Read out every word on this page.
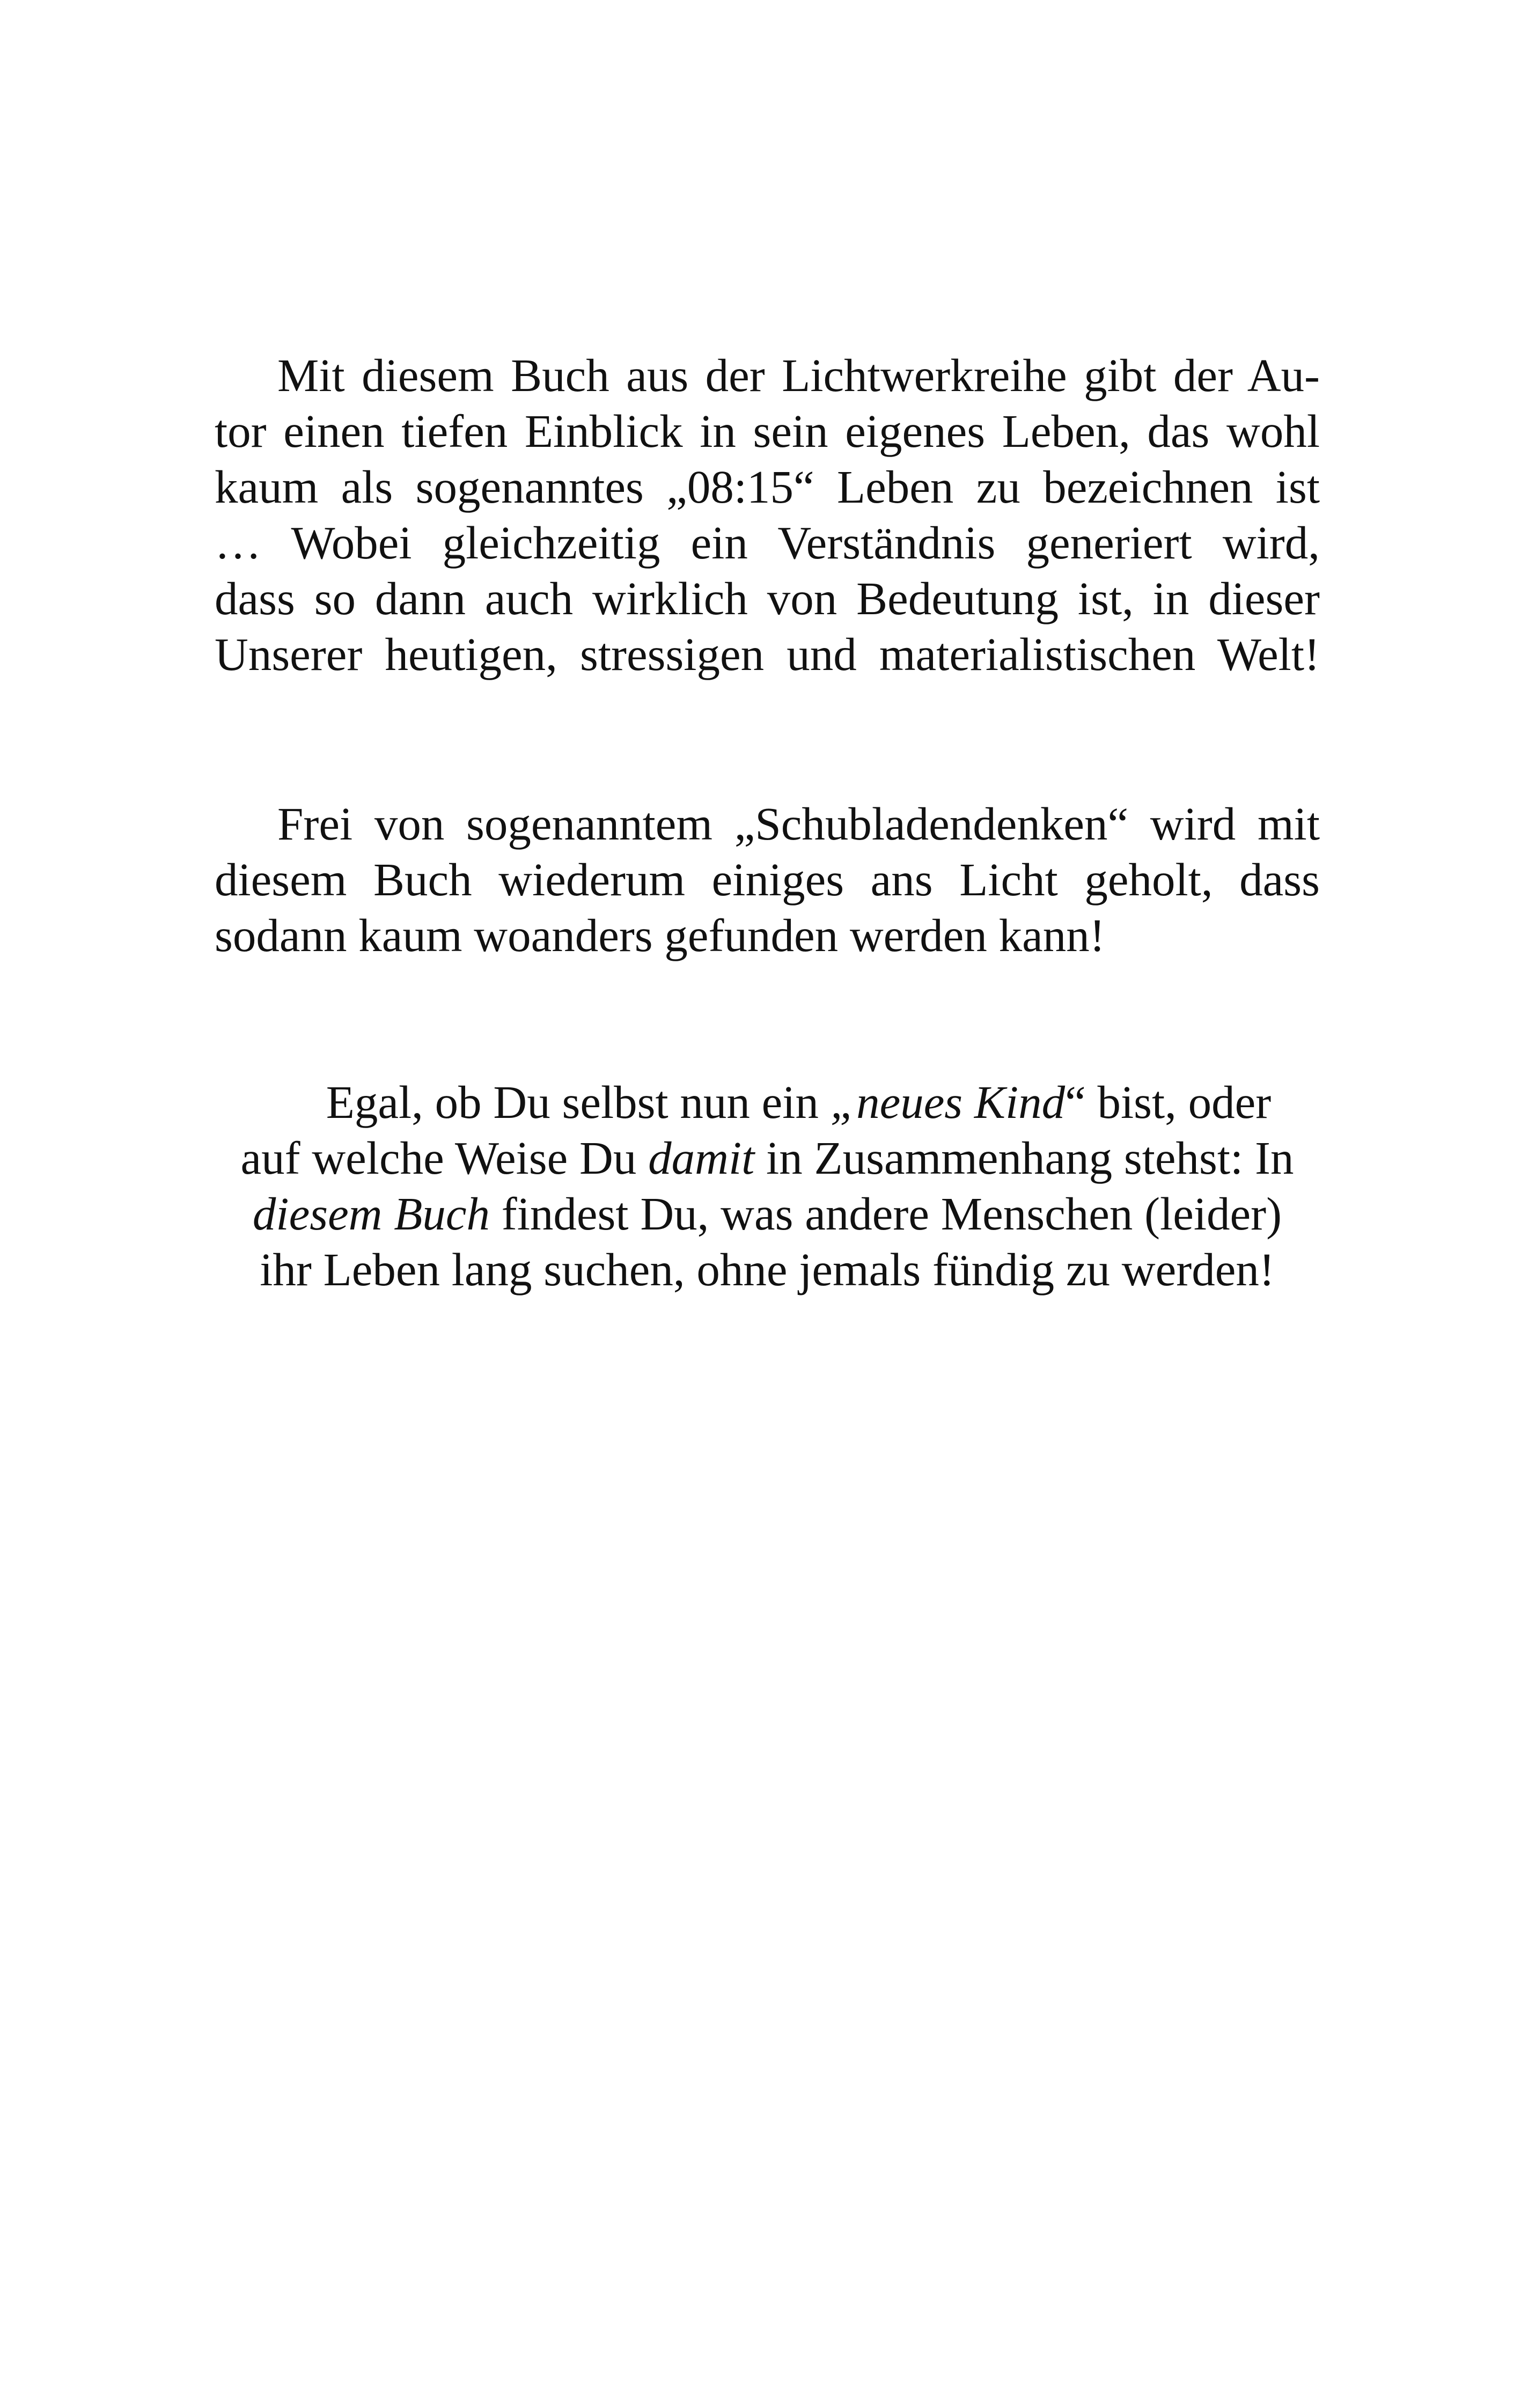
Mit diesem Buch aus der Lichtwerkreihe gibt der Au-
tor einen tiefen Einblick in sein eigenes Leben, das wohl
kaum als sogenanntes „08:15“ Leben zu bezeichnen ist
… Wobei gleichzeitig ein Verständnis generiert wird,
dass so dann auch wirklich von Bedeutung ist, in dieser
Unserer heutigen, stressigen und materialistischen Welt!
Frei von sogenanntem „Schubladendenken“ wird mit
diesem Buch wiederum einiges ans Licht geholt, dass
sodann kaum woanders gefunden werden kann!
Egal, ob Du selbst nun ein „neues Kind“ bist, oder
auf welche Weise Du damit in Zusammenhang stehst: In
diesem Buch findest Du, was andere Menschen (leider)
ihr Leben lang suchen, ohne jemals fündig zu werden!
